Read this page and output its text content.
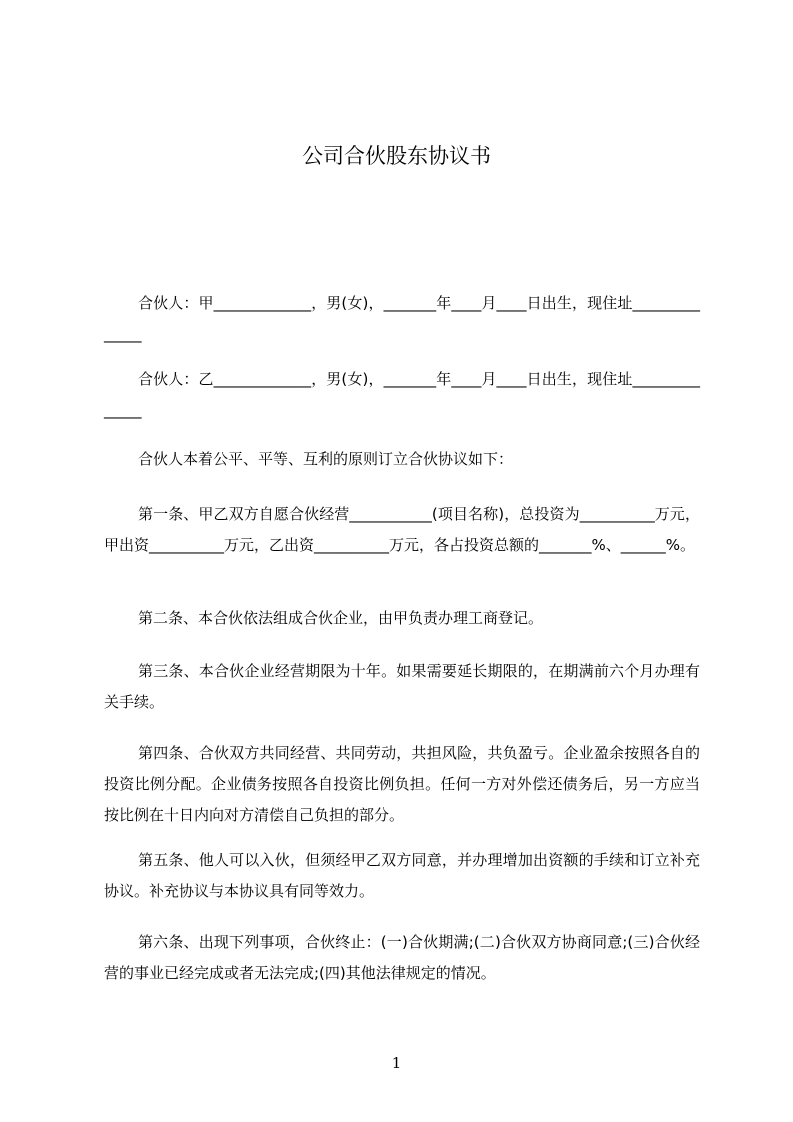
公司合伙股东协议书

合伙人：甲_____________，男(女)，_______年____月____日出生，现住址______________

合伙人：乙_____________，男(女)，_______年____月____日出生，现住址______________

合伙人本着公平、平等、互利的原则订立合伙协议如下：

第一条、甲乙双方自愿合伙经营___________(项目名称)，总投资为__________万元，甲出资__________万元，乙出资__________万元，各占投资总额的_______%、______%。

第二条、本合伙依法组成合伙企业，由甲负责办理工商登记。

第三条、本合伙企业经营期限为十年。如果需要延长期限的，在期满前六个月办理有关手续。

第四条、合伙双方共同经营、共同劳动，共担风险，共负盈亏。企业盈余按照各自的投资比例分配。企业债务按照各自投资比例负担。任何一方对外偿还债务后，另一方应当按比例在十日内向对方清偿自己负担的部分。

第五条、他人可以入伙，但须经甲乙双方同意，并办理增加出资额的手续和订立补充协议。补充协议与本协议具有同等效力。

第六条、出现下列事项，合伙终止：(一)合伙期满;(二)合伙双方协商同意;(三)合伙经营的事业已经完成或者无法完成;(四)其他法律规定的情况。

1
